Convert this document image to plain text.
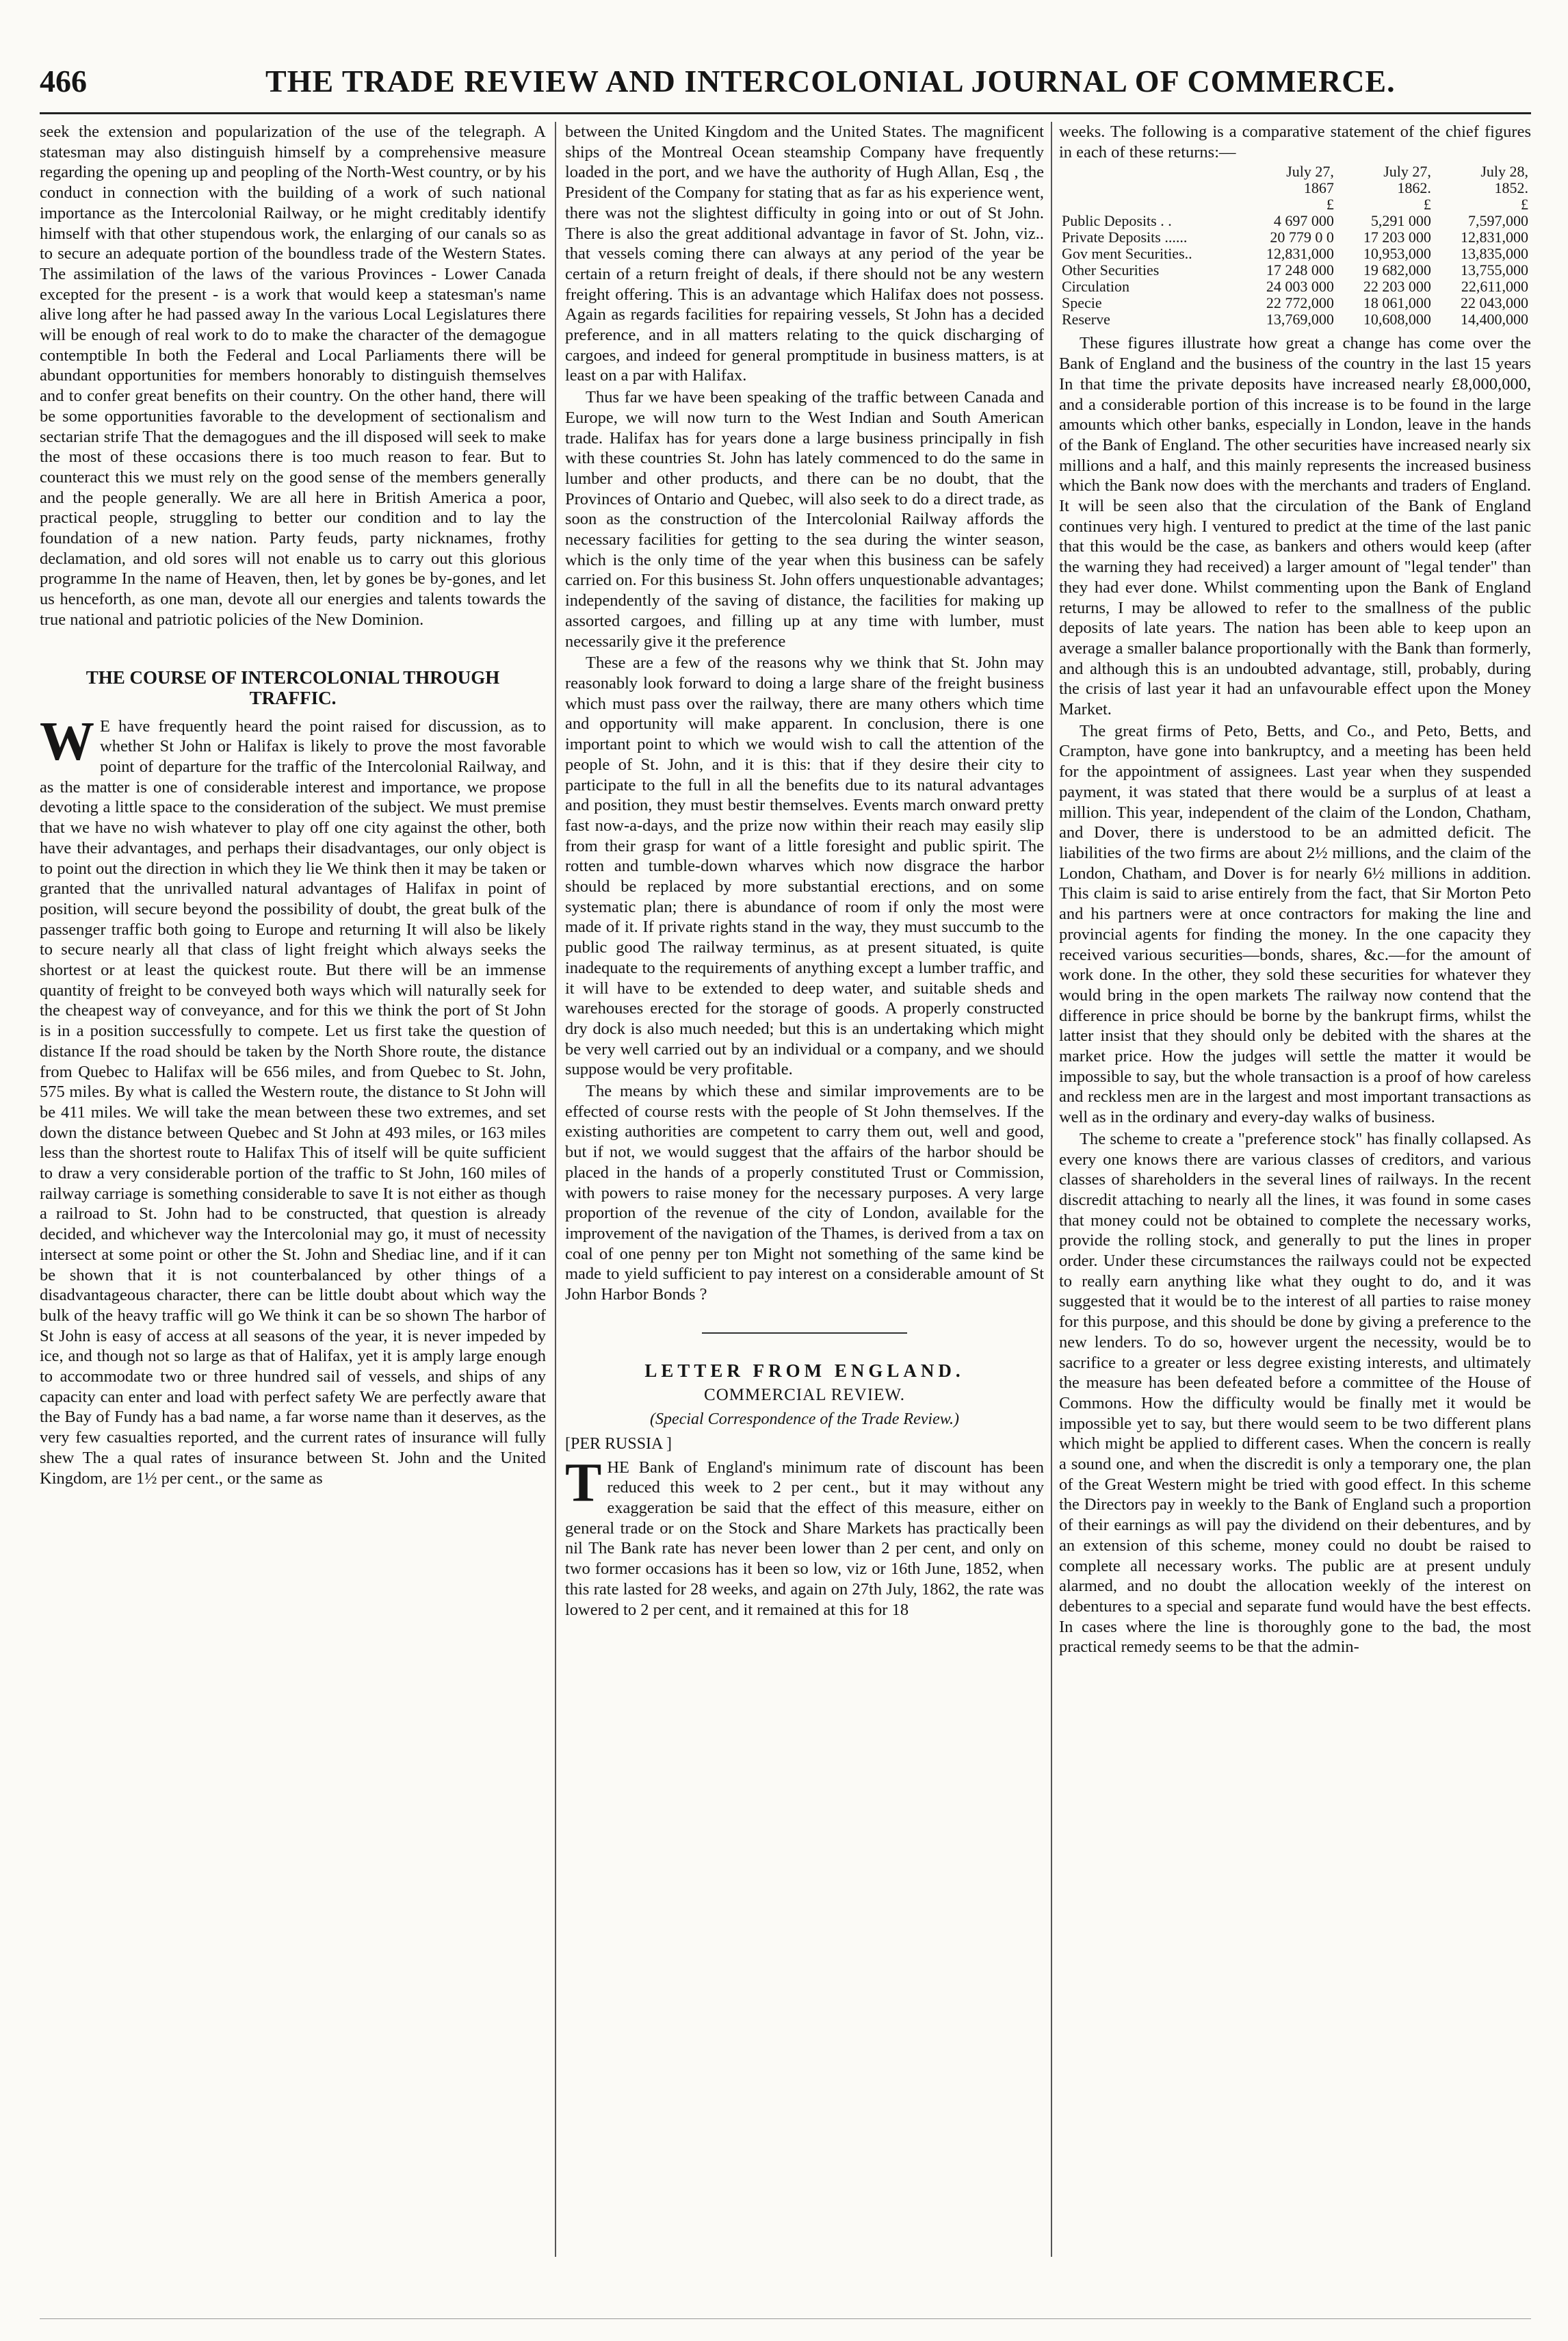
466	THE TRADE REVIEW AND INTERCOLONIAL JOURNAL OF COMMERCE.

seek the extension and popularization of the use of the telegraph. A statesman may also distinguish himself by a comprehensive measure regarding the opening up and peopling of the North-West country, or by his conduct in connection with the building of a work of such national importance as the Intercolonial Railway, or he might creditably identify himself with that other stupendous work, the enlarging of our canals so as to secure an adequate portion of the boundless trade of the Western States. The assimilation of the laws of the various Provinces - Lower Canada excepted for the present - is a work that would keep a statesman's name alive long after he had passed away In the various Local Legislatures there will be enough of real work to do to make the character of the demagogue contemptible In both the Federal and Local Parliaments there will be abundant opportunities for members honorably to distinguish themselves and to confer great benefits on their country. On the other hand, there will be some opportunities favorable to the development of sectionalism and sectarian strife That the demagogues and the ill disposed will seek to make the most of these occasions there is too much reason to fear. But to counteract this we must rely on the good sense of the members generally and the people generally. We are all here in British America a poor, practical people, struggling to better our condition and to lay the foundation of a new nation. Party feuds, party nicknames, frothy declamation, and old sores will not enable us to carry out this glorious programme In the name of Heaven, then, let by gones be by-gones, and let us henceforth, as one man, devote all our energies and talents towards the true national and patriotic policies of the New Dominion.

THE COURSE OF INTERCOLONIAL THROUGH TRAFFIC.

WE have frequently heard the point raised for discussion, as to whether St John or Halifax is likely to prove the most favorable point of departure for the traffic of the Intercolonial Railway, and as the matter is one of considerable interest and importance, we propose devoting a little space to the consideration of the subject. We must premise that we have no wish whatever to play off one city against the other, both have their advantages, and perhaps their disadvantages, our only object is to point out the direction in which they lie We think then it may be taken or granted that the unrivalled natural advantages of Halifax in point of position, will secure beyond the possibility of doubt, the great bulk of the passenger traffic both going to Europe and returning It will also be likely to secure nearly all that class of light freight which always seeks the shortest or at least the quickest route. But there will be an immense quantity of freight to be conveyed both ways which will naturally seek for the cheapest way of conveyance, and for this we think the port of St John is in a position successfully to compete. Let us first take the question of distance If the road should be taken by the North Shore route, the distance from Quebec to Halifax will be 656 miles, and from Quebec to St. John, 575 miles. By what is called the Western route, the distance to St John will be 411 miles. We will take the mean between these two extremes, and set down the distance between Quebec and St John at 493 miles, or 163 miles less than the shortest route to Halifax This of itself will be quite sufficient to draw a very considerable portion of the traffic to St John, 160 miles of railway carriage is something considerable to save It is not either as though a railroad to St. John had to be constructed, that question is already decided, and whichever way the Intercolonial may go, it must of necessity intersect at some point or other the St. John and Shediac line, and if it can be shown that it is not counterbalanced by other things of a disadvantageous character, there can be little doubt about which way the bulk of the heavy traffic will go We think it can be so shown The harbor of St John is easy of access at all seasons of the year, it is never impeded by ice, and though not so large as that of Halifax, yet it is amply large enough to accommodate two or three hundred sail of vessels, and ships of any capacity can enter and load with perfect safety We are perfectly aware that the Bay of Fundy has a bad name, a far worse name than it deserves, as the very few casualties reported, and the current rates of insurance will fully shew The a qual rates of insurance between St. John and the United Kingdom, are 1½ per cent., or the same as

between the United Kingdom and the United States. The magnificent ships of the Montreal Ocean steamship Company have frequently loaded in the port, and we have the authority of Hugh Allan, Esq , the President of the Company for stating that as far as his experience went, there was not the slightest difficulty in going into or out of St John. There is also the great additional advantage in favor of St. John, viz.. that vessels coming there can always at any period of the year be certain of a return freight of deals, if there should not be any western freight offering. This is an advantage which Halifax does not possess. Again as regards facilities for repairing vessels, St John has a decided preference, and in all matters relating to the quick discharging of cargoes, and indeed for general promptitude in business matters, is at least on a par with Halifax.

Thus far we have been speaking of the traffic between Canada and Europe, we will now turn to the West Indian and South American trade. Halifax has for years done a large business principally in fish with these countries St. John has lately commenced to do the same in lumber and other products, and there can be no doubt, that the Provinces of Ontario and Quebec, will also seek to do a direct trade, as soon as the construction of the Intercolonial Railway affords the necessary facilities for getting to the sea during the winter season, which is the only time of the year when this business can be safely carried on. For this business St. John offers unquestionable advantages; independently of the saving of distance, the facilities for making up assorted cargoes, and filling up at any time with lumber, must necessarily give it the preference

These are a few of the reasons why we think that St. John may reasonably look forward to doing a large share of the freight business which must pass over the railway, there are many others which time and opportunity will make apparent. In conclusion, there is one important point to which we would wish to call the attention of the people of St. John, and it is this: that if they desire their city to participate to the full in all the benefits due to its natural advantages and position, they must bestir themselves. Events march onward pretty fast now-a-days, and the prize now within their reach may easily slip from their grasp for want of a little foresight and public spirit. The rotten and tumble-down wharves which now disgrace the harbor should be replaced by more substantial erections, and on some systematic plan; there is abundance of room if only the most were made of it. If private rights stand in the way, they must succumb to the public good The railway terminus, as at present situated, is quite inadequate to the requirements of anything except a lumber traffic, and it will have to be extended to deep water, and suitable sheds and warehouses erected for the storage of goods. A properly constructed dry dock is also much needed; but this is an undertaking which might be very well carried out by an individual or a company, and we should suppose would be very profitable.

The means by which these and similar improvements are to be effected of course rests with the people of St John themselves. If the existing authorities are competent to carry them out, well and good, but if not, we would suggest that the affairs of the harbor should be placed in the hands of a properly constituted Trust or Commission, with powers to raise money for the necessary purposes. A very large proportion of the revenue of the city of London, available for the improvement of the navigation of the Thames, is derived from a tax on coal of one penny per ton Might not something of the same kind be made to yield sufficient to pay interest on a considerable amount of St John Harbor Bonds ?

LETTER FROM ENGLAND.
COMMERCIAL REVIEW.
(Special Correspondence of the Trade Review.)
[PER RUSSIA ]

THE Bank of England's minimum rate of discount has been reduced this week to 2 per cent., but it may without any exaggeration be said that the effect of this measure, either on general trade or on the Stock and Share Markets has practically been nil The Bank rate has never been lower than 2 per cent, and only on two former occasions has it been so low, viz or 16th June, 1852, when this rate lasted for 28 weeks, and again on 27th July, 1862, the rate was lowered to 2 per cent, and it remained at this for 18

weeks. The following is a comparative statement of the chief figures in each of these returns:—

	July 27,
1867
£	July 27,
1862.
£	July 28,
1852.
£
Public Deposits . .	4 697 000	5,291 000	7,597,000
Private Deposits ......	20 779 0 0	17 203 000	12,831,000
Gov ment Securities..	12,831,000	10,953,000	13,835,000
Other Securities	17 248 000	19 682,000	13,755,000
Circulation	24 003 000	22 203 000	22,611,000
Specie	22 772,000	18 061,000	22 043,000
Reserve	13,769,000	10,608,000	14,400,000

These figures illustrate how great a change has come over the Bank of England and the business of the country in the last 15 years In that time the private deposits have increased nearly £8,000,000, and a considerable portion of this increase is to be found in the large amounts which other banks, especially in London, leave in the hands of the Bank of England. The other securities have increased nearly six millions and a half, and this mainly represents the increased business which the Bank now does with the merchants and traders of England. It will be seen also that the circulation of the Bank of England continues very high. I ventured to predict at the time of the last panic that this would be the case, as bankers and others would keep (after the warning they had received) a larger amount of "legal tender" than they had ever done. Whilst commenting upon the Bank of England returns, I may be allowed to refer to the smallness of the public deposits of late years. The nation has been able to keep upon an average a smaller balance proportionally with the Bank than formerly, and although this is an undoubted advantage, still, probably, during the crisis of last year it had an unfavourable effect upon the Money Market.

The great firms of Peto, Betts, and Co., and Peto, Betts, and Crampton, have gone into bankruptcy, and a meeting has been held for the appointment of assignees. Last year when they suspended payment, it was stated that there would be a surplus of at least a million. This year, independent of the claim of the London, Chatham, and Dover, there is understood to be an admitted deficit. The liabilities of the two firms are about 2½ millions, and the claim of the London, Chatham, and Dover is for nearly 6½ millions in addition. This claim is said to arise entirely from the fact, that Sir Morton Peto and his partners were at once contractors for making the line and provincial agents for finding the money. In the one capacity they received various securities—bonds, shares, &c.—for the amount of work done. In the other, they sold these securities for whatever they would bring in the open markets The railway now contend that the difference in price should be borne by the bankrupt firms, whilst the latter insist that they should only be debited with the shares at the market price. How the judges will settle the matter it would be impossible to say, but the whole transaction is a proof of how careless and reckless men are in the largest and most important transactions as well as in the ordinary and every-day walks of business.

The scheme to create a "preference stock" has finally collapsed. As every one knows there are various classes of creditors, and various classes of shareholders in the several lines of railways. In the recent discredit attaching to nearly all the lines, it was found in some cases that money could not be obtained to complete the necessary works, provide the rolling stock, and generally to put the lines in proper order. Under these circumstances the railways could not be expected to really earn anything like what they ought to do, and it was suggested that it would be to the interest of all parties to raise money for this purpose, and this should be done by giving a preference to the new lenders. To do so, however urgent the necessity, would be to sacrifice to a greater or less degree existing interests, and ultimately the measure has been defeated before a committee of the House of Commons. How the difficulty would be finally met it would be impossible yet to say, but there would seem to be two different plans which might be applied to different cases. When the concern is really a sound one, and when the discredit is only a temporary one, the plan of the Great Western might be tried with good effect. In this scheme the Directors pay in weekly to the Bank of England such a proportion of their earnings as will pay the dividend on their debentures, and by an extension of this scheme, money could no doubt be raised to complete all necessary works. The public are at present unduly alarmed, and no doubt the allocation weekly of the interest on debentures to a special and separate fund would have the best effects. In cases where the line is thoroughly gone to the bad, the most practical remedy seems to be that the admin-
